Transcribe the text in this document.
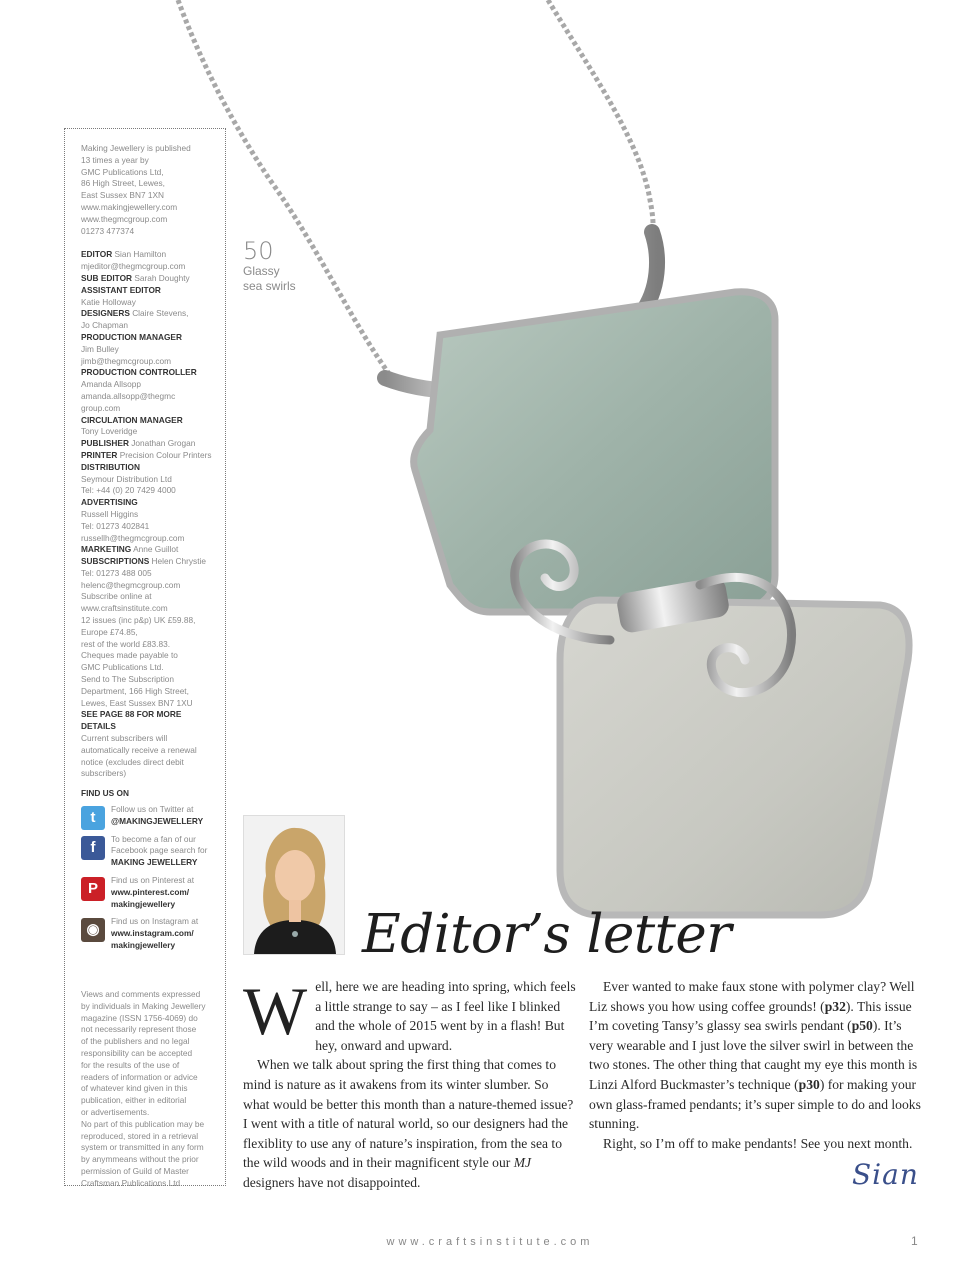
50
Glassy
sea swirls
Making Jewellery is published
13 times a year by
GMC Publications Ltd,
86 High Street, Lewes,
East Sussex BN7 1XN
www.makingjewellery.com
www.thegmcgroup.com
01273 477374
EDITOR Sian Hamilton
mjeditor@thegmcgroup.com
SUB EDITOR Sarah Doughty
ASSISTANT EDITOR
Katie Holloway
DESIGNERS Claire Stevens,
Jo Chapman
PRODUCTION MANAGER
Jim Bulley
jimb@thegmcgroup.com
PRODUCTION CONTROLLER
Amanda Allsopp
amanda.allsopp@thegmc
group.com
CIRCULATION MANAGER
Tony Loveridge
PUBLISHER Jonathan Grogan
PRINTER Precision Colour Printers
DISTRIBUTION
Seymour Distribution Ltd
Tel: +44 (0) 20 7429 4000
ADVERTISING
Russell Higgins
Tel: 01273 402841
russellh@thegmcgroup.com
MARKETING Anne Guillot
SUBSCRIPTIONS Helen Chrystie
Tel: 01273 488 005
helenc@thegmcgroup.com
Subscribe online at
www.craftsinstitute.com
12 issues (inc p&p) UK £59.88,
Europe £74.85,
rest of the world £83.83.
Cheques made payable to
GMC Publications Ltd.
Send to The Subscription
Department, 166 High Street,
Lewes, East Sussex BN7 1XU
SEE PAGE 88 FOR MORE
DETAILS
Current subscribers will
automatically receive a renewal
notice (excludes direct debit
subscribers)
FIND US ON
t	Follow us on Twitter at
@MAKINGJEWELLERY
f	To become a fan of our
Facebook page search for
MAKING JEWELLERY
P	Find us on Pinterest at
www.pinterest.com/
makingjewellery
◉	Find us on Instagram at
www.instagram.com/
makingjewellery
Views and comments expressed
by individuals in Making Jewellery
magazine (ISSN 1756-4069) do
not necessarily represent those
of the publishers and no legal
responsibility can be accepted
for the results of the use of
readers of information or advice
of whatever kind given in this
publication, either in editorial
or advertisements.
No part of this publication may be
reproduced, stored in a retrieval
system or transmitted in any form
by anymmeans without the prior
permission of Guild of Master
Craftsman Publications Ltd.
Editor’s letter

Well, here we are heading into spring, which feels a little strange to say – as I feel like I blinked and the whole of 2015 went by in a flash! But hey, onward and upward.

When we talk about spring the first thing that comes to mind is nature as it awakens from its winter slumber. So what would be better this month than a nature-themed issue? I went with a title of natural world, so our designers had the flexiblity to use any of nature’s inspiration, from the sea to the wild woods and in their magnificent style our MJ designers have not disappointed.

Ever wanted to make faux stone with polymer clay? Well Liz shows you how using coffee grounds! (p32). This issue I’m coveting Tansy’s glassy sea swirls pendant (p50). It’s very wearable and I just love the silver swirl in between the two stones. The other thing that caught my eye this month is Linzi Alford Buckmaster’s technique (p30) for making your own glass-framed pendants; it’s super simple to do and looks stunning.

Right, so I’m off to make pendants! See you next month.

Sian
www.craftsinstitute.com	1
